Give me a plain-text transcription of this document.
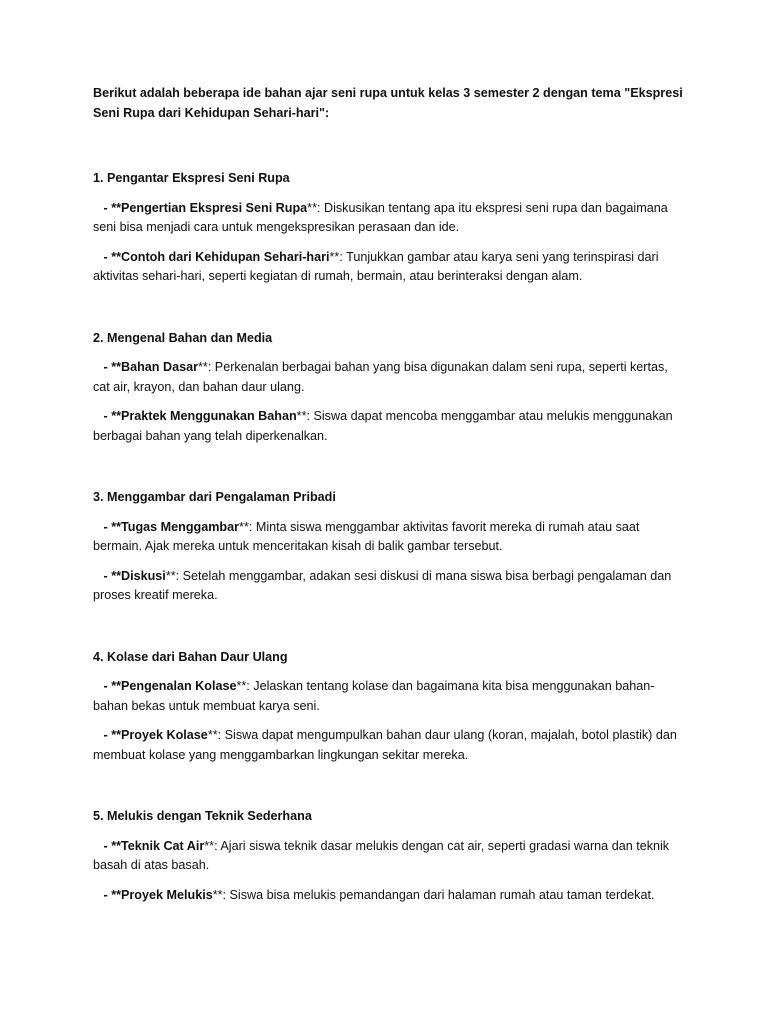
Berikut adalah beberapa ide bahan ajar seni rupa untuk kelas 3 semester 2 dengan tema "Ekspresi Seni Rupa dari Kehidupan Sehari-hari":

1. Pengantar Ekspresi Seni Rupa

- **Pengertian Ekspresi Seni Rupa**: Diskusikan tentang apa itu ekspresi seni rupa dan bagaimana seni bisa menjadi cara untuk mengekspresikan perasaan dan ide.

- **Contoh dari Kehidupan Sehari-hari**: Tunjukkan gambar atau karya seni yang terinspirasi dari aktivitas sehari-hari, seperti kegiatan di rumah, bermain, atau berinteraksi dengan alam.

2. Mengenal Bahan dan Media

- **Bahan Dasar**: Perkenalan berbagai bahan yang bisa digunakan dalam seni rupa, seperti kertas, cat air, krayon, dan bahan daur ulang.

- **Praktek Menggunakan Bahan**: Siswa dapat mencoba menggambar atau melukis menggunakan berbagai bahan yang telah diperkenalkan.

3. Menggambar dari Pengalaman Pribadi

- **Tugas Menggambar**: Minta siswa menggambar aktivitas favorit mereka di rumah atau saat bermain. Ajak mereka untuk menceritakan kisah di balik gambar tersebut.

- **Diskusi**: Setelah menggambar, adakan sesi diskusi di mana siswa bisa berbagi pengalaman dan proses kreatif mereka.

4. Kolase dari Bahan Daur Ulang

- **Pengenalan Kolase**: Jelaskan tentang kolase dan bagaimana kita bisa menggunakan bahan-bahan bekas untuk membuat karya seni.

- **Proyek Kolase**: Siswa dapat mengumpulkan bahan daur ulang (koran, majalah, botol plastik) dan membuat kolase yang menggambarkan lingkungan sekitar mereka.

5. Melukis dengan Teknik Sederhana

- **Teknik Cat Air**: Ajari siswa teknik dasar melukis dengan cat air, seperti gradasi warna dan teknik basah di atas basah.

- **Proyek Melukis**: Siswa bisa melukis pemandangan dari halaman rumah atau taman terdekat.
